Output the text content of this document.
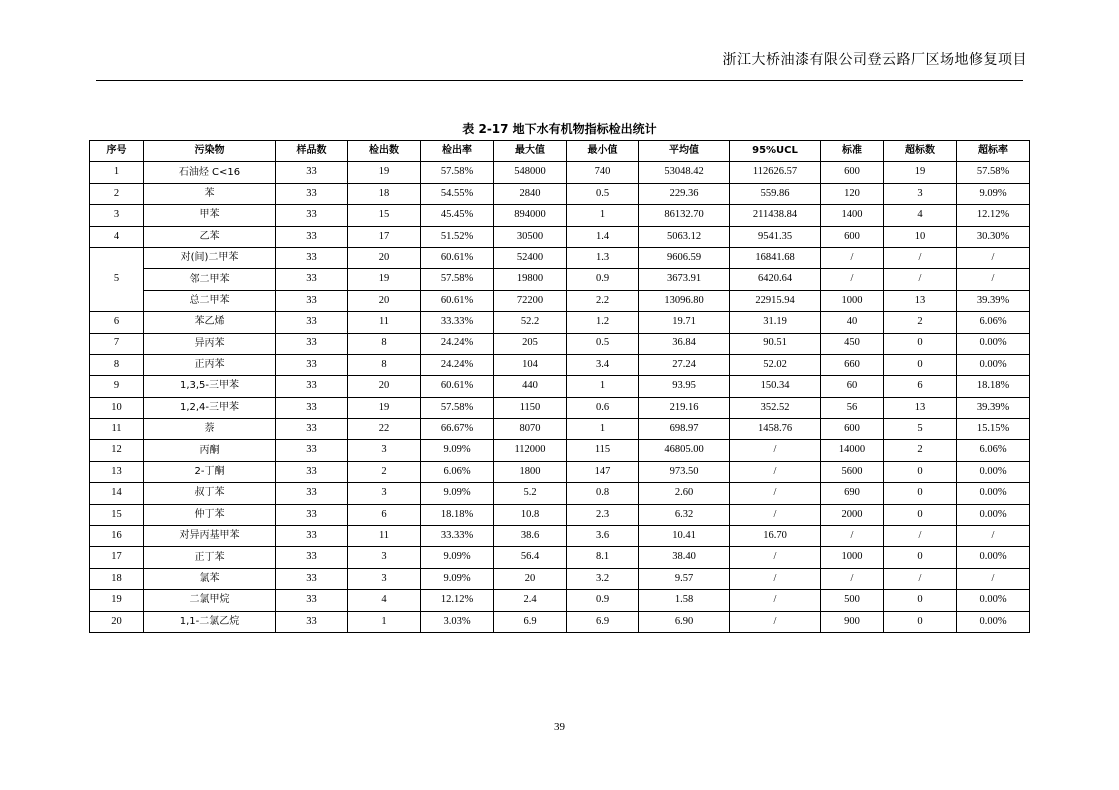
浙江大桥油漆有限公司登云路厂区场地修复项目
表 2-17 地下水有机物指标检出统计
序号	污染物	样品数	检出数	检出率	最大值	最小值	平均值	95%UCL	标准	超标数	超标率
1	石油烃 C<16	33	19	57.58%	548000	740	53048.42	112626.57	600	19	57.58%
2	苯	33	18	54.55%	2840	0.5	229.36	559.86	120	3	9.09%
3	甲苯	33	15	45.45%	894000	1	86132.70	211438.84	1400	4	12.12%
4	乙苯	33	17	51.52%	30500	1.4	5063.12	9541.35	600	10	30.30%
5	对(间)二甲苯	33	20	60.61%	52400	1.3	9606.59	16841.68	/	/	/
	邻二甲苯	33	19	57.58%	19800	0.9	3673.91	6420.64	/	/	/
	总二甲苯	33	20	60.61%	72200	2.2	13096.80	22915.94	1000	13	39.39%
6	苯乙烯	33	11	33.33%	52.2	1.2	19.71	31.19	40	2	6.06%
7	异丙苯	33	8	24.24%	205	0.5	36.84	90.51	450	0	0.00%
8	正丙苯	33	8	24.24%	104	3.4	27.24	52.02	660	0	0.00%
9	1,3,5-三甲苯	33	20	60.61%	440	1	93.95	150.34	60	6	18.18%
10	1,2,4-三甲苯	33	19	57.58%	1150	0.6	219.16	352.52	56	13	39.39%
11	萘	33	22	66.67%	8070	1	698.97	1458.76	600	5	15.15%
12	丙酮	33	3	9.09%	112000	115	46805.00	/	14000	2	6.06%
13	2-丁酮	33	2	6.06%	1800	147	973.50	/	5600	0	0.00%
14	叔丁苯	33	3	9.09%	5.2	0.8	2.60	/	690	0	0.00%
15	仲丁苯	33	6	18.18%	10.8	2.3	6.32	/	2000	0	0.00%
16	对异丙基甲苯	33	11	33.33%	38.6	3.6	10.41	16.70	/	/	/
17	正丁苯	33	3	9.09%	56.4	8.1	38.40	/	1000	0	0.00%
18	氯苯	33	3	9.09%	20	3.2	9.57	/	/	/	/
19	二氯甲烷	33	4	12.12%	2.4	0.9	1.58	/	500	0	0.00%
20	1,1-二氯乙烷	33	1	3.03%	6.9	6.9	6.90	/	900	0	0.00%
39
